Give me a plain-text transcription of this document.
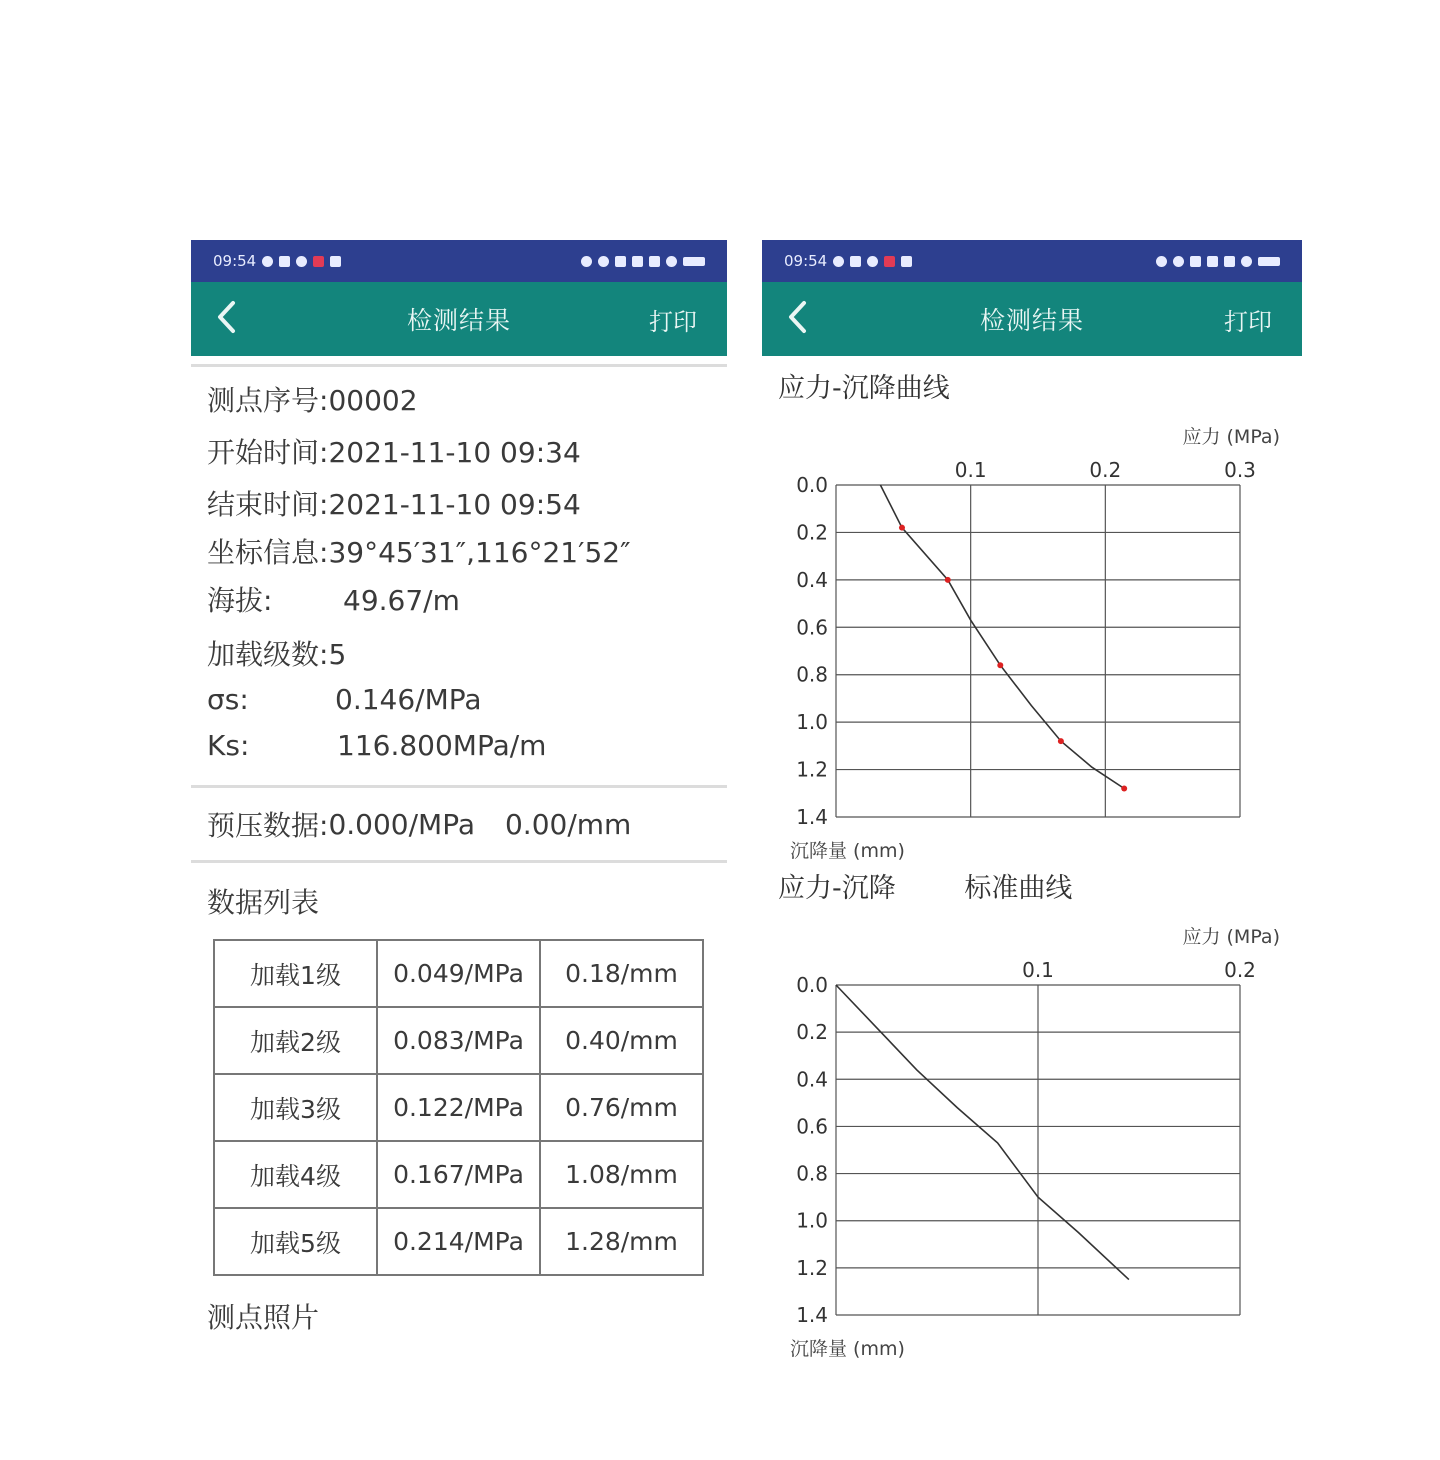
09:54
检测结果	打印
测点序号: 00002
开始时间: 2021-11-10 09:34
结束时间: 2021-11-10 09:54
坐标信息: 39°45′31″,116°21′52″
海拔:	49.67/m
加载级数: 5
σs:	0.146/MPa
Ks:	116.800MPa/m
预压数据: 0.000/MPa 0.00/mm
数据列表
加载1级	0.049/MPa	0.18/mm
加载2级	0.083/MPa	0.40/mm
加载3级	0.122/MPa	0.76/mm
加载4级	0.167/MPa	1.08/mm
加载5级	0.214/MPa	1.28/mm
测点照片
09:54
检测结果	打印
应力-沉降曲线
应力 (MPa)
沉降量 (mm)
0.0
0.2
0.4
0.6
0.8
1.0
1.2
1.4
0.1	0.2	0.3
应力-沉降	标准曲线
应力 (MPa)
沉降量 (mm)
0.0
0.2
0.4
0.6
0.8
1.0
1.2
1.4
0.1	0.2
